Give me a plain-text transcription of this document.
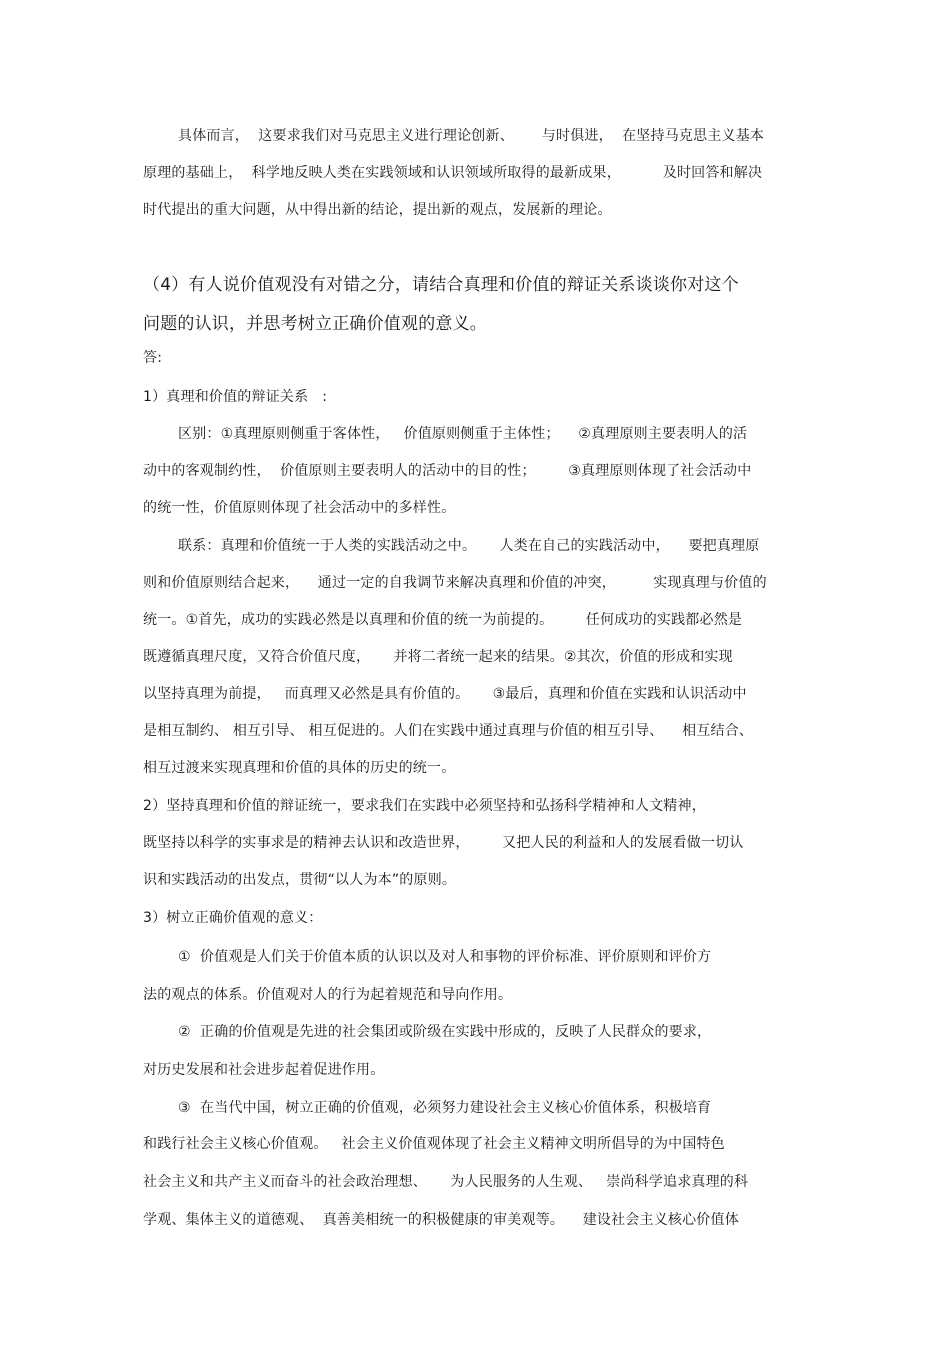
具体而言，  这要求我们对马克思主义进行理论创新、      与时俱进，  在坚持马克思主义基本
原理的基础上，  科学地反映人类在实践领域和认识领域所取得的最新成果，         及时回答和解决
时代提出的重大问题，从中得出新的结论，提出新的观点，发展新的理论。
（4）有人说价值观没有对错之分，请结合真理和价值的辩证关系谈谈你对这个
问题的认识，并思考树立正确价值观的意义。
答:
1）真理和价值的辩证关系   :
区别：①真理原则侧重于客体性，   价值原则侧重于主体性；    ②真理原则主要表明人的活
动中的客观制约性，  价值原则主要表明人的活动中的目的性；       ③真理原则体现了社会活动中
的统一性，价值原则体现了社会活动中的多样性。
联系：真理和价值统一于人类的实践活动之中。     人类在自己的实践活动中，    要把真理原
则和价值原则结合起来，    通过一定的自我调节来解决真理和价值的冲突，        实现真理与价值的
统一。①首先，成功的实践必然是以真理和价值的统一为前提的。       任何成功的实践都必然是
既遵循真理尺度，又符合价值尺度，     并将二者统一起来的结果。②其次，价值的形成和实现
以坚持真理为前提，   而真理又必然是具有价值的。     ③最后，真理和价值在实践和认识活动中
是相互制约、 相互引导、 相互促进的。人们在实践中通过真理与价值的相互引导、    相互结合、
相互过渡来实现真理和价值的具体的历史的统一。
2）坚持真理和价值的辩证统一，要求我们在实践中必须坚持和弘扬科学精神和人文精神，
既坚持以科学的实事求是的精神去认识和改造世界，       又把人民的利益和人的发展看做一切认
识和实践活动的出发点，贯彻“以人为本”的原则。
3）树立正确价值观的意义：
①  价值观是人们关于价值本质的认识以及对人和事物的评价标准、评价原则和评价方
法的观点的体系。价值观对人的行为起着规范和导向作用。
②  正确的价值观是先进的社会集团或阶级在实践中形成的，反映了人民群众的要求，
对历史发展和社会进步起着促进作用。
③  在当代中国，树立正确的价值观，必须努力建设社会主义核心价值体系，积极培育
和践行社会主义核心价值观。   社会主义价值观体现了社会主义精神文明所倡导的为中国特色
社会主义和共产主义而奋斗的社会政治理想、     为人民服务的人生观、   崇尚科学追求真理的科
学观、集体主义的道德观、  真善美相统一的积极健康的审美观等。    建设社会主义核心价值体
